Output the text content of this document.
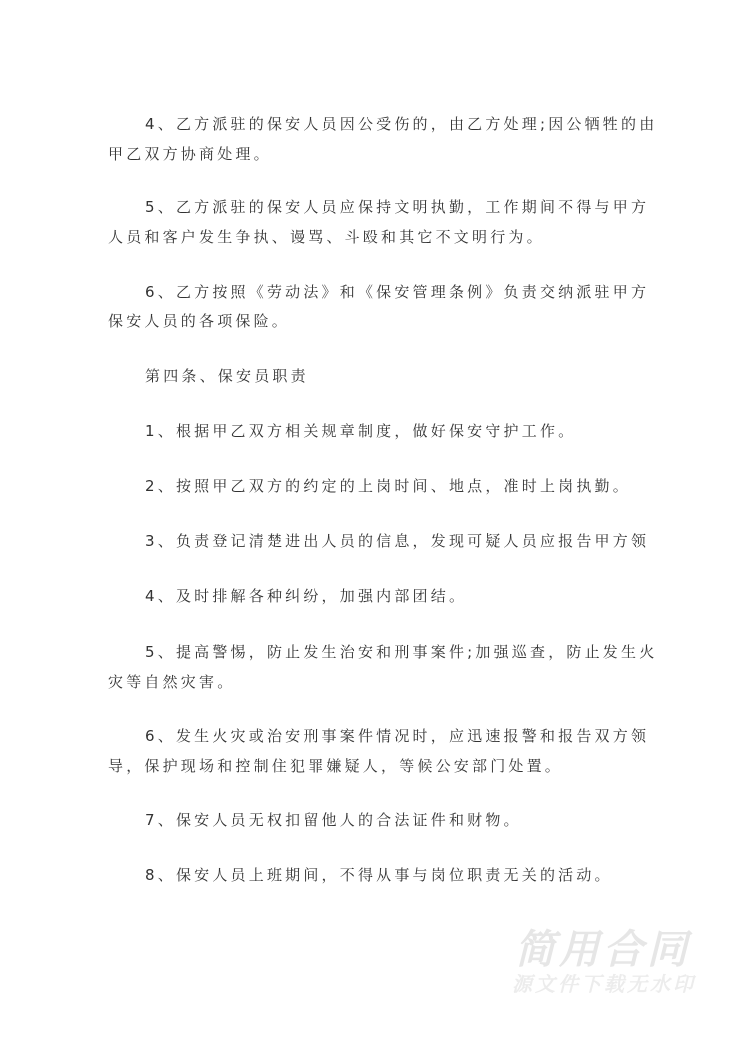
4、乙方派驻的保安人员因公受伤的，由乙方处理;因公牺牲的由
甲乙双方协商处理。
5、乙方派驻的保安人员应保持文明执勤，工作期间不得与甲方
人员和客户发生争执、谩骂、斗殴和其它不文明行为。
6、乙方按照《劳动法》和《保安管理条例》负责交纳派驻甲方
保安人员的各项保险。
第四条、保安员职责
1、根据甲乙双方相关规章制度，做好保安守护工作。
2、按照甲乙双方的约定的上岗时间、地点，准时上岗执勤。
3、负责登记清楚进出人员的信息，发现可疑人员应报告甲方领
4、及时排解各种纠纷，加强内部团结。
5、提高警惕，防止发生治安和刑事案件;加强巡查，防止发生火
灾等自然灾害。
6、发生火灾或治安刑事案件情况时，应迅速报警和报告双方领
导，保护现场和控制住犯罪嫌疑人，等候公安部门处置。
7、保安人员无权扣留他人的合法证件和财物。
8、保安人员上班期间，不得从事与岗位职责无关的活动。
简用合同
源文件下载无水印
